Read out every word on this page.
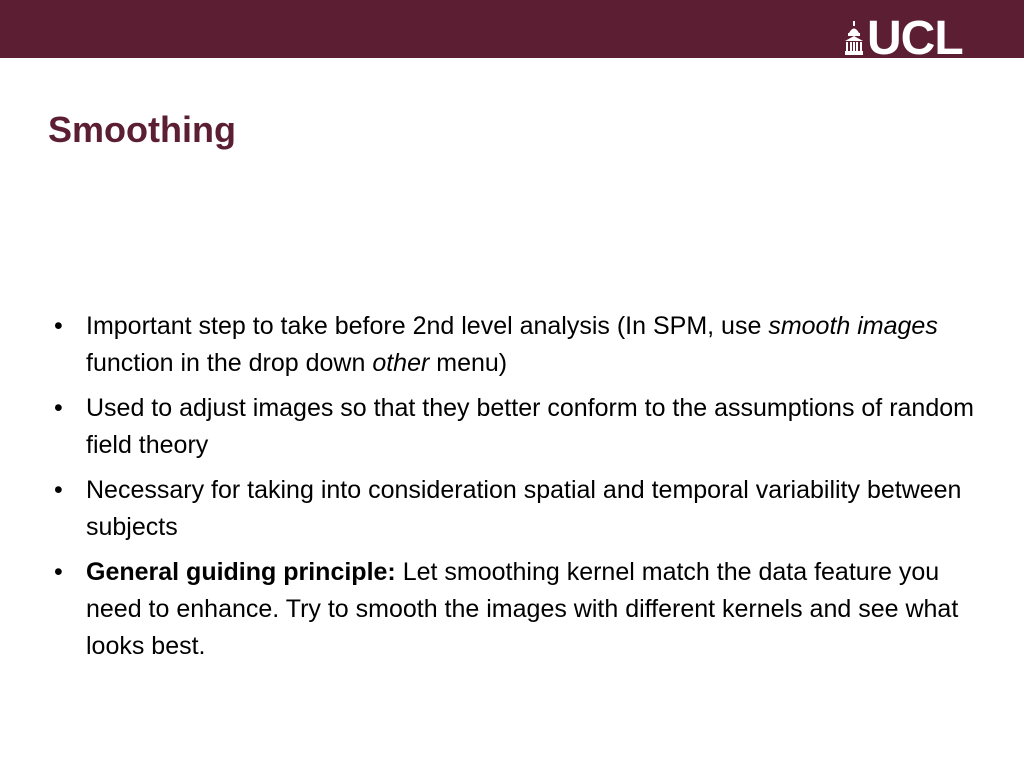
UCL
Smoothing
• Important step to take before 2nd level analysis (In SPM, use smooth images function in the drop down other menu)
• Used to adjust images so that they better conform to the assumptions of random field theory
• Necessary for taking into consideration spatial and temporal variability between subjects
• General guiding principle: Let smoothing kernel match the data feature you need to enhance. Try to smooth the images with different kernels and see what looks best.
